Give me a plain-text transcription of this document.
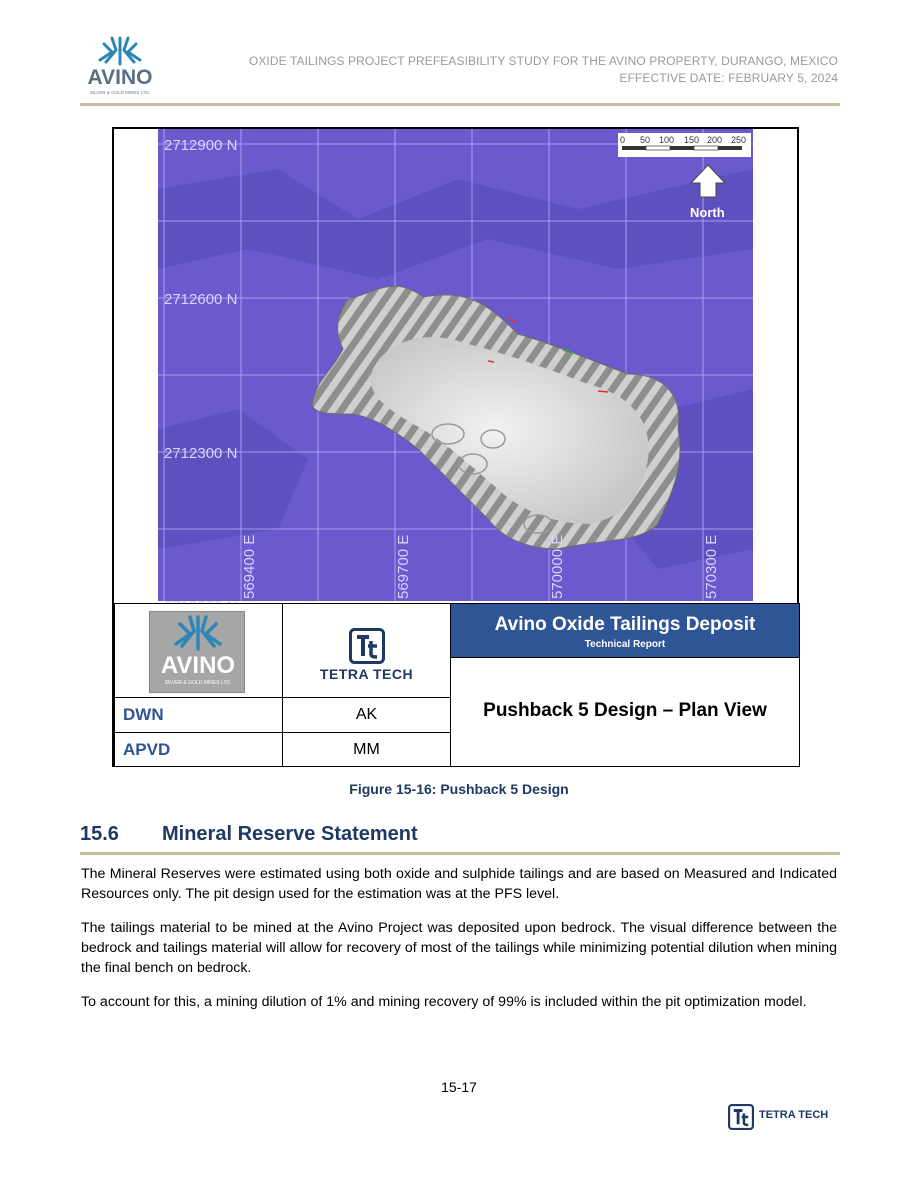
AVINO
SILVER & GOLD MINES LTD.
OXIDE TAILINGS PROJECT PREFEASIBILITY STUDY FOR THE AVINO PROPERTY, DURANGO, MEXICO
EFFECTIVE DATE: FEBRUARY 5, 2024
2712900 N
2712600 N
2712300 N
569400 E	569700 E	570000 E	570300 E
0 50 100 150 200 250
North
AVINO
SILVER & GOLD MINES LTD.
TETRA TECH
DWN	AK
APVD	MM
Avino Oxide Tailings Deposit
Technical Report
Pushback 5 Design – Plan View
Figure 15-16: Pushback 5 Design
15.6 Mineral Reserve Statement
The Mineral Reserves were estimated using both oxide and sulphide tailings and are based on Measured and Indicated Resources only. The pit design used for the estimation was at the PFS level.
The tailings material to be mined at the Avino Project was deposited upon bedrock. The visual difference between the bedrock and tailings material will allow for recovery of most of the tailings while minimizing potential dilution when mining the final bench on bedrock.
To account for this, a mining dilution of 1% and mining recovery of 99% is included within the pit optimization model.
15-17
TETRA TECH
